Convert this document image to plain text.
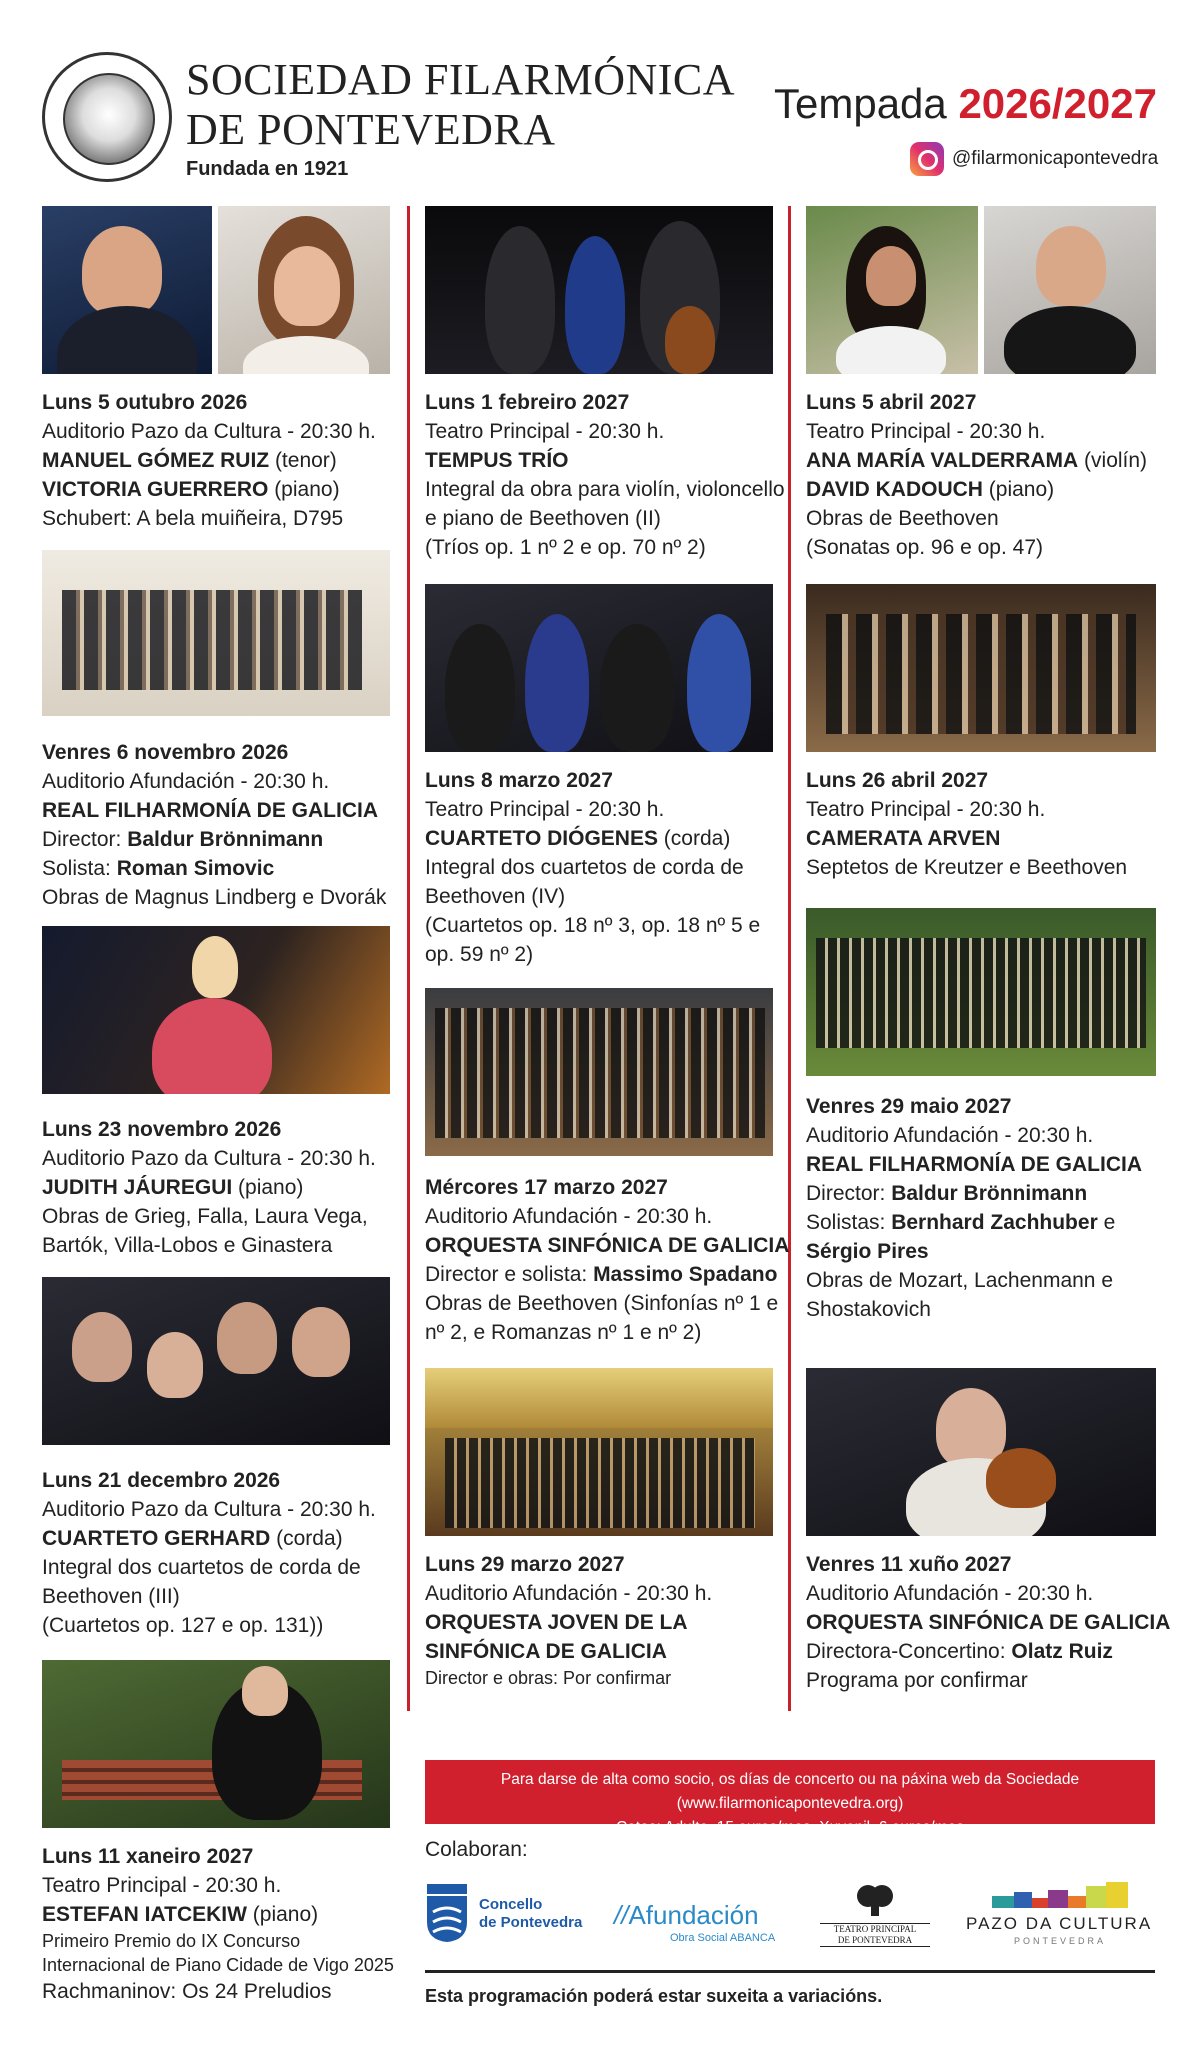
SOCIEDAD FILARMÓNICA
DE PONTEVEDRA
Fundada en 1921
Tempada 2026/2027
@filarmonicapontevedra
Luns 5 outubro 2026
Auditorio Pazo da Cultura - 20:30 h.
MANUEL GÓMEZ RUIZ (tenor)
VICTORIA GUERRERO (piano)
Schubert: A bela muiñeira, D795
Venres 6 novembro 2026
Auditorio Afundación - 20:30 h.
REAL FILHARMONÍA DE GALICIA
Director: Baldur Brönnimann
Solista: Roman Simovic
Obras de Magnus Lindberg e Dvorák
Luns 23 novembro 2026
Auditorio Pazo da Cultura - 20:30 h.
JUDITH JÁUREGUI (piano)
Obras de Grieg, Falla, Laura Vega,
Bartók, Villa-Lobos e Ginastera
Luns 21 decembro 2026
Auditorio Pazo da Cultura - 20:30 h.
CUARTETO GERHARD (corda)
Integral dos cuartetos de corda de
Beethoven (III)
(Cuartetos op. 127 e op. 131))
Luns 11 xaneiro 2027
Teatro Principal - 20:30 h.
ESTEFAN IATCEKIW (piano)
Primeiro Premio do IX Concurso
Internacional de Piano Cidade de Vigo 2025
Rachmaninov: Os 24 Preludios
Luns 1 febreiro 2027
Teatro Principal - 20:30 h.
TEMPUS TRÍO
Integral da obra para violín, violoncello
e piano de Beethoven (II)
(Tríos op. 1 nº 2 e op. 70 nº 2)
Luns 8 marzo 2027
Teatro Principal - 20:30 h.
CUARTETO DIÓGENES (corda)
Integral dos cuartetos de corda de
Beethoven (IV)
(Cuartetos op. 18 nº 3, op. 18 nº 5 e
op. 59 nº 2)
Mércores 17 marzo 2027
Auditorio Afundación - 20:30 h.
ORQUESTA SINFÓNICA DE GALICIA
Director e solista: Massimo Spadano
Obras de Beethoven (Sinfonías nº 1 e
nº 2, e Romanzas nº 1 e nº 2)
Luns 29 marzo 2027
Auditorio Afundación - 20:30 h.
ORQUESTA JOVEN DE LA
SINFÓNICA DE GALICIA
Director e obras: Por confirmar
Luns 5 abril 2027
Teatro Principal - 20:30 h.
ANA MARÍA VALDERRAMA (violín)
DAVID KADOUCH (piano)
Obras de Beethoven
(Sonatas op. 96 e op. 47)
Luns 26 abril 2027
Teatro Principal - 20:30 h.
CAMERATA ARVEN
Septetos de Kreutzer e Beethoven
Venres 29 maio 2027
Auditorio Afundación - 20:30 h.
REAL FILHARMONÍA DE GALICIA
Director: Baldur Brönnimann
Solistas: Bernhard Zachhuber e
Sérgio Pires
Obras de Mozart, Lachenmann e
Shostakovich
Venres 11 xuño 2027
Auditorio Afundación - 20:30 h.
ORQUESTA SINFÓNICA DE GALICIA
Directora-Concertino: Olatz Ruiz
Programa por confirmar
Para darse de alta como socio, os días de concerto ou na páxina web da Sociedade (www.filarmonicapontevedra.org)
Cotas: Adulto, 15 euros/mes. Xuvenil, 6 euros/mes
Colaboran:
Concello
de Pontevedra //Afundación
Obra Social ABANCA
TEATRO PRINCIPAL
DE PONTEVEDRA
PAZO DA CULTURA
PONTEVEDRA
Esta programación poderá estar suxeita a variacións.
